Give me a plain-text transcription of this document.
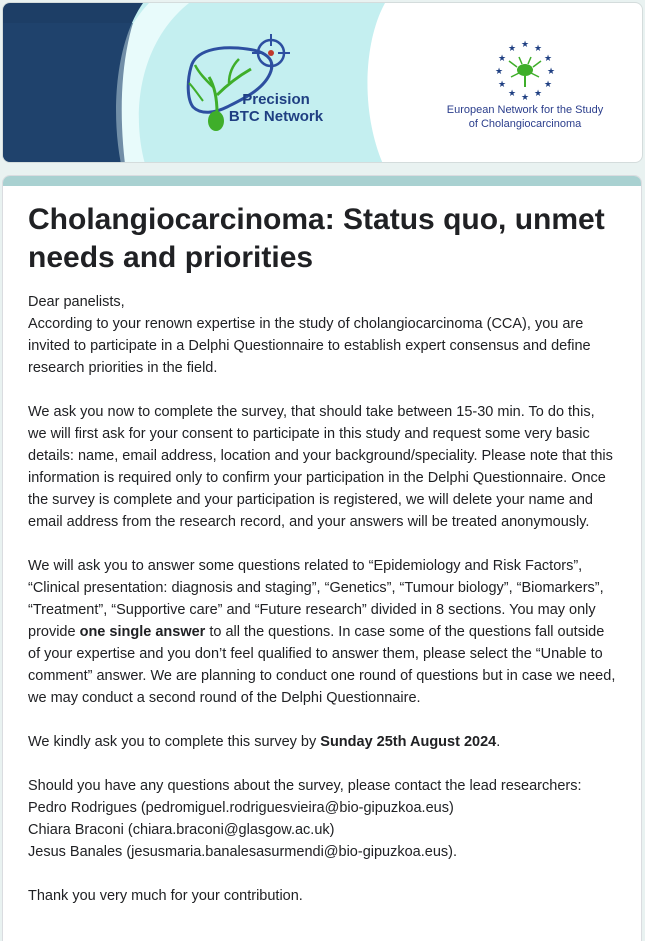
★ ★
★
★
★
★
★
★
★
★
★
★
Precision
BTC Network	European Network for the Study
of Cholangiocarcinoma
Cholangiocarcinoma: Status quo, unmet needs and priorities

Dear panelists,
According to your renown expertise in the study of cholangiocarcinoma (CCA), you are invited to participate in a Delphi Questionnaire to establish expert consensus and define research priorities in the field.

We ask you now to complete the survey, that should take between 15-30 min. To do this, we will first ask for your consent to participate in this study and request some very basic details: name, email address, location and your background/speciality. Please note that this information is required only to confirm your participation in the Delphi Questionnaire. Once the survey is complete and your participation is registered, we will delete your name and email address from the research record, and your answers will be treated anonymously.

We will ask you to answer some questions related to “Epidemiology and Risk Factors”, “Clinical presentation: diagnosis and staging”, “Genetics”, “Tumour biology”, “Biomarkers”, “Treatment”, “Supportive care” and “Future research” divided in 8 sections. You may only provide one single answer to all the questions. In case some of the questions fall outside of your expertise and you don’t feel qualified to answer them, please select the “Unable to comment” answer. We are planning to conduct one round of questions but in case we need, we may conduct a second round of the Delphi Questionnaire.

We kindly ask you to complete this survey by Sunday 25th August 2024.

Should you have any questions about the survey, please contact the lead researchers:
Pedro Rodrigues (pedromiguel.rodriguesvieira@bio-gipuzkoa.eus)
Chiara Braconi (chiara.braconi@glasgow.ac.uk)
Jesus Banales (jesusmaria.banalesasurmendi@bio-gipuzkoa.eus).

Thank you very much for your contribution.
